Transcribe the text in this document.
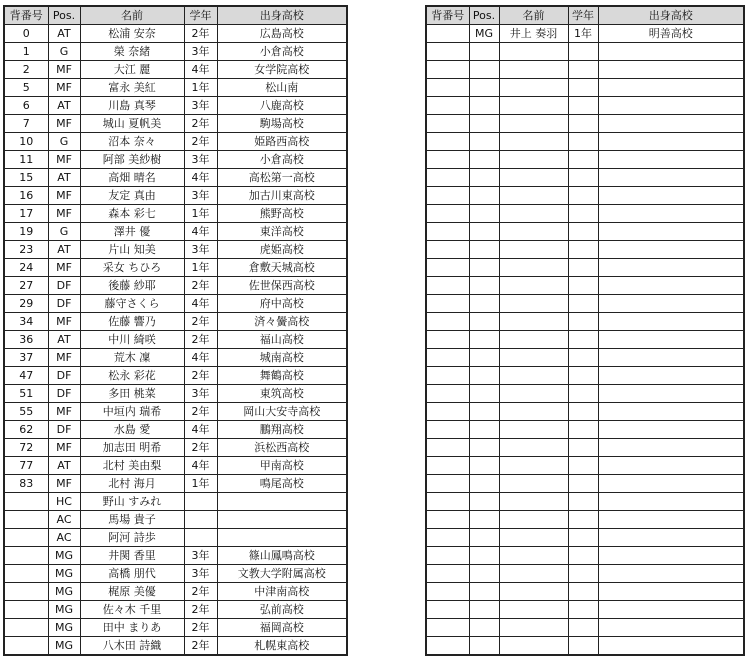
背番号	Pos.	名前	学年	出身高校
0	AT	松浦 安奈	2年	広島高校
1	G	榮 奈緒	3年	小倉高校
2	MF	大江 麗	4年	女学院高校
5	MF	富永 美紅	1年	松山南
6	AT	川島 真琴	3年	八鹿高校
7	MF	城山 夏帆美	2年	駒場高校
10	G	沼本 奈々	2年	姫路西高校
11	MF	阿部 美紗樹	3年	小倉高校
15	AT	高畑 晴名	4年	高松第一高校
16	MF	友定 真由	3年	加古川東高校
17	MF	森本 彩七	1年	熊野高校
19	G	澤井 優	4年	東洋高校
23	AT	片山 知美	3年	虎姫高校
24	MF	采女 ちひろ	1年	倉敷天城高校
27	DF	後藤 紗耶	2年	佐世保西高校
29	DF	藤守さくら	4年	府中高校
34	MF	佐藤 響乃	2年	済々黌高校
36	AT	中川 綺咲	2年	福山高校
37	MF	荒木 凜	4年	城南高校
47	DF	松永 彩花	2年	舞鶴高校
51	DF	多田 桃菜	3年	東筑高校
55	MF	中垣内 瑞希	2年	岡山大安寺高校
62	DF	水島 愛	4年	鵬翔高校
72	MF	加志田 明希	2年	浜松西高校
77	AT	北村 美由梨	4年	甲南高校
83	MF	北村 海月	1年	鳴尾高校
	HC	野山 すみれ		
	AC	馬場 貴子		
	AC	阿河 詩歩		
	MG	井関 香里	3年	篠山鳳鳴高校
	MG	高橋 朋代	3年	文教大学附属高校
	MG	梶原 美優	2年	中津南高校
	MG	佐々木 千里	2年	弘前高校
	MG	田中 まりあ	2年	福岡高校
	MG	八木田 詩織	2年	札幌東高校
背番号	Pos.	名前	学年	出身高校
	MG	井上 奏羽	1年	明善高校
